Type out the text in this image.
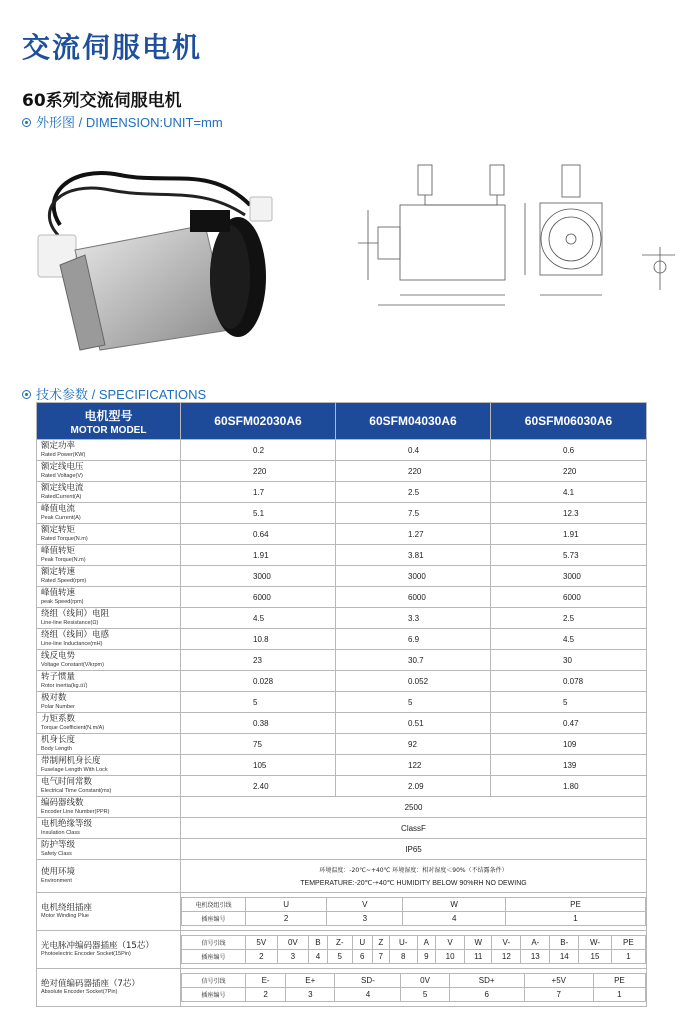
交流伺服电机
60系列交流伺服电机
外形图 / DIMENSION:UNIT=mm
技术参数 / SPECIFICATIONS
电机型号
MOTOR MODEL
	60SFM02030A6	60SFM04030A6	60SFM06030A6

额定功率
Rated Power(KW)	0.2	0.4	0.6

额定线电压
Rated Voltage(V)	220	220	220

额定线电流
RatedCurrent(A)	1.7	2.5	4.1

峰值电流
Peak Current(A)	5.1	7.5	12.3

额定转矩
Rated Torque(N.m)	0.64	1.27	1.91

峰值转矩
Peak Torque(N.m)	1.91	3.81	5.73

额定转速
Rated Speed(rpm)	3000	3000	3000

峰值转速
peak Speed(rpm)	6000	6000	6000

绕组（线间）电阻
Line-line Resistance(Ω)	4.5	3.3	2.5

绕组（线间）电感
Line-line Inductance(mH)	10.8	6.9	4.5

线反电势
Voltage Constant(V/krpm)	23	30.7	30

转子惯量
Rotor inertia(kg.㎡)	0.028	0.052	0.078

极对数
Polar Number	5	5	5

力矩系数
Torque Coefficient(N.m/A)	0.38	0.51	0.47

机身长度
Body Length	75	92	109

带制闸机身长度
Fuselage Length With Lock	105	122	139

电气时间常数
Electrical Time Constant(ms)	2.40	2.09	1.80

编码器线数
Encoder Line Number(PPR)	2500

电机绝缘等级
Insulation Class	ClassF

防护等级
Safety Class	IP65

使用环境
Environment

环境温度：-20℃~+40℃ 环境湿度：相对湿度＜90%（不结露条件）
TEMPERATURE:-20℃-+40℃ HUMIDITY BELOW 90%RH NO DEWING

电机绕组插座
Motor Winding Plue

电机绕组引线	U	V	W	PE
插座编号	2	3	4	1

光电脉冲编码器插座（15芯）
Photoelectric Encoder Socket(15Pin)

信号引线	5V	0V	B	Z-	U	Z	U-	A	V	W	V-	A-	B-	W-	PE
插座编号	2	3	4	5	6	7	8	9	10	11	12	13	14	15	1

绝对值编码器插座（7芯）
Absolute Encoder Socket(7Pin)

信号引线	E-	E+	SD-	0V	SD+	+5V	PE
插座编号	2	3	4	5	6	7	1
